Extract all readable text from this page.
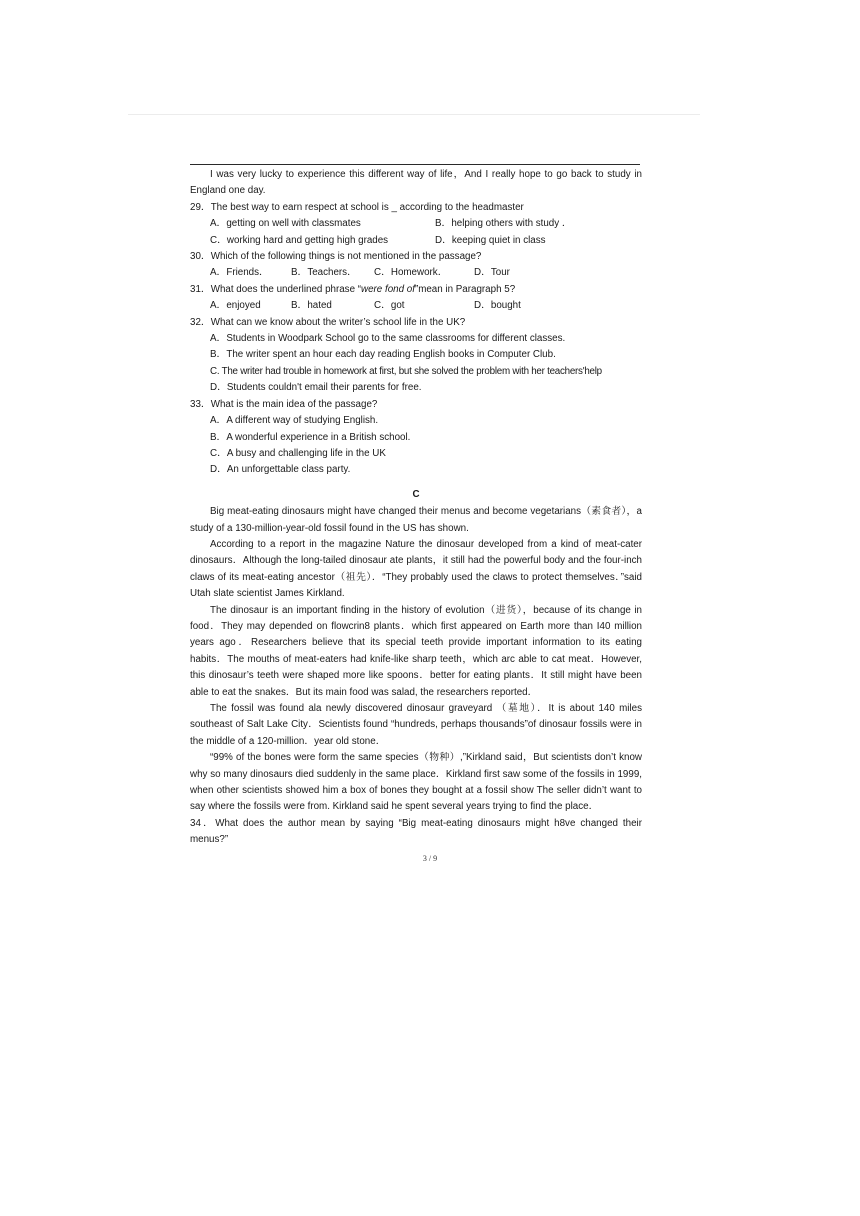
I was very lucky to experience this different way of life，And I really hope to go back to study in England one day.

29．The best way to earn respect at school is _ according to the headmaster

A．getting on well with classmates	B．helping others with study ．
C．working hard and getting high grades	D．keeping quiet in class

30．Which of the following things is not mentioned in the passage?

A．Friends． B．Teachers． C．Homework．	D．Tour

31．What does the underlined phrase “were fond of”mean in Paragraph 5?

A．enjoyed	B．hated	C．got	D．bought

32．What can we know about the writer’s school life in the UK?

A．Students in Woodpark School go to the same classrooms for different classes.

B．The writer spent an hour each day reading English books in Computer Club.

C. The writer had trouble in homework at first, but she solved the problem with her teachers'help

D．Students couldn't email their parents for free.

33．What is the main idea of the passage?

A．A different way of studying English.

B．A wonderful experience in a British school.

C．A busy and challenging life in the UK

D．An unforgettable class party.

C

Big meat-eating dinosaurs might have changed their menus and become vegetarians（素食者），a study of a 130-million-year-old fossil found in the US has shown.

According to a report in the magazine Nature the dinosaur developed from a kind of meat-cater dinosaurs．Although the long-tailed dinosaur ate plants，it still had the powerful body and the four-inch claws of its meat-eating ancestor（祖先）．“They probably used the claws to protect themselves．”said Utah slate scientist James Kirkland.

The dinosaur is an important finding in the history of evolution（进货），because of its change in food．They may depended on flowcrin8 plants．which first appeared on Earth more than I40 million years ago．Researchers believe that its special teeth provide important information to its eating habits．The mouths of meat-eaters had knife-like sharp teeth，which arc able to cat meat．However, this dinosaur’s teeth were shaped more like spoons．better for eating plants．It still might have been able to eat the snakes．But its main food was salad, the researchers reported．

The fossil was found ala newly discovered dinosaur graveyard （墓地）．It is about 140 miles southeast of Salt Lake City．Scientists found “hundreds, perhaps thousands”of dinosaur fossils were in the middle of a 120-million．year old stone．

“99% of the bones were form the same species（物种）,”Kirkland said，But scientists don’t know why so many dinosaurs died suddenly in the same place．Kirkland first saw some of the fossils in 1999, when other scientists showed him a box of bones they bought at a fossil show The seller didn’t want to say where the fossils were from. Kirkland said he spent several years trying to find the place．

34．What does the author mean by saying “Big meat-eating dinosaurs might h8ve changed their menus?”

3 / 9
